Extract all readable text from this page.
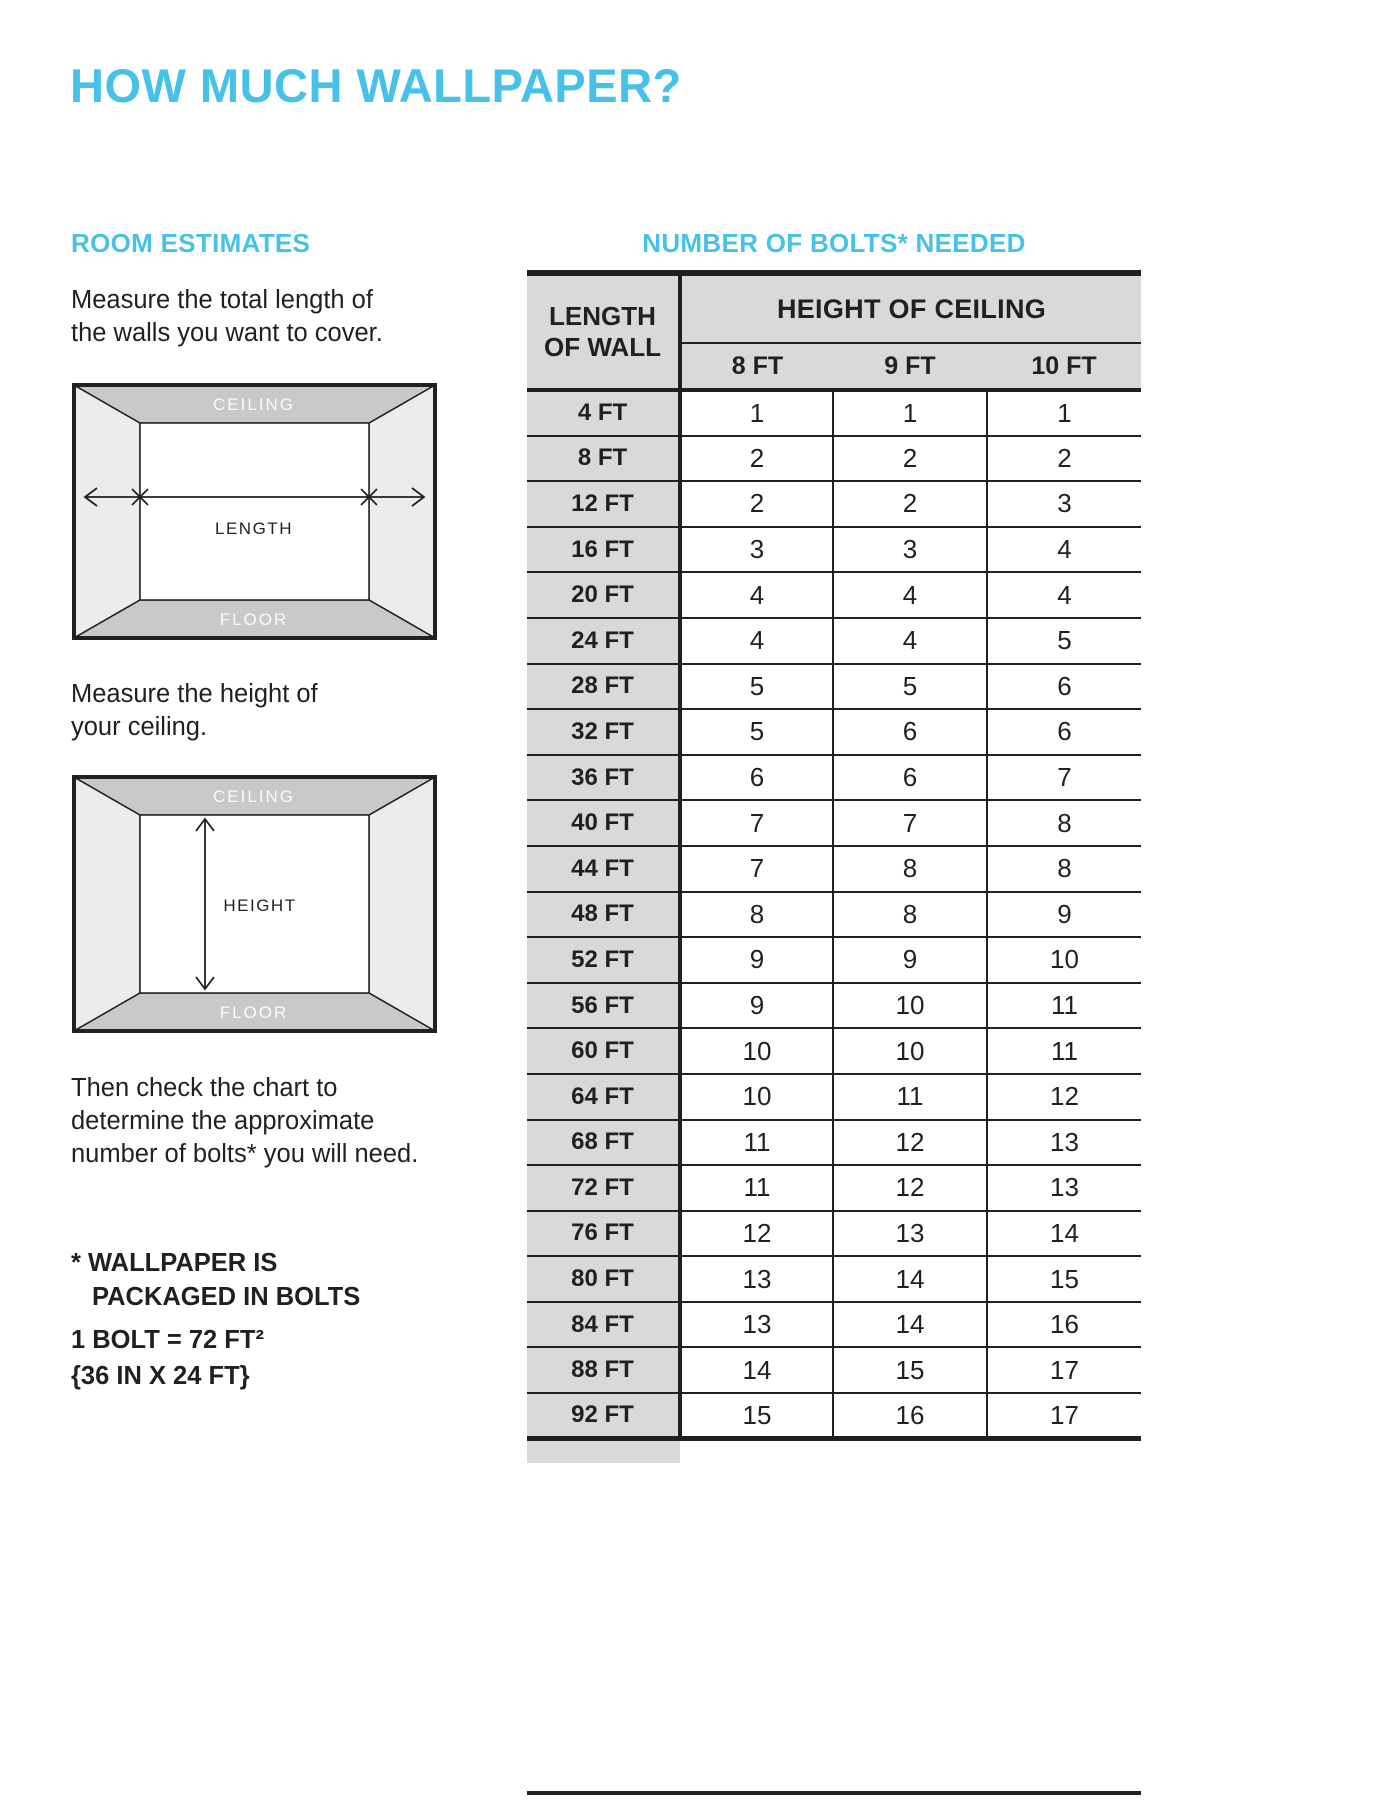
HOW MUCH WALLPAPER?
ROOM ESTIMATES

Measure the total length of
the walls you want to cover.

CEILING
FLOOR
LENGTH

Measure the height of
your ceiling.

CEILING
FLOOR
HEIGHT

Then check the chart to
determine the approximate
number of bolts* you will need.

* WALLPAPER IS
PACKAGED IN BOLTS
1 BOLT = 72 FT²
{36 IN X 24 FT}
NUMBER OF BOLTS* NEEDED
LENGTH
OF WALL	HEIGHT OF CEILING		
	8 FT	9 FT	10 FT
4 FT	1	1	1
8 FT	2	2	2
12 FT	2	2	3
16 FT	3	3	4
20 FT	4	4	4
24 FT	4	4	5
28 FT	5	5	6
32 FT	5	6	6
36 FT	6	6	7
40 FT	7	7	8
44 FT	7	8	8
48 FT	8	8	9
52 FT	9	9	10
56 FT	9	10	11
60 FT	10	10	11
64 FT	10	11	12
68 FT	11	12	13
72 FT	11	12	13
76 FT	12	13	14
80 FT	13	14	15
84 FT	13	14	16
88 FT	14	15	17
92 FT	15	16	17
